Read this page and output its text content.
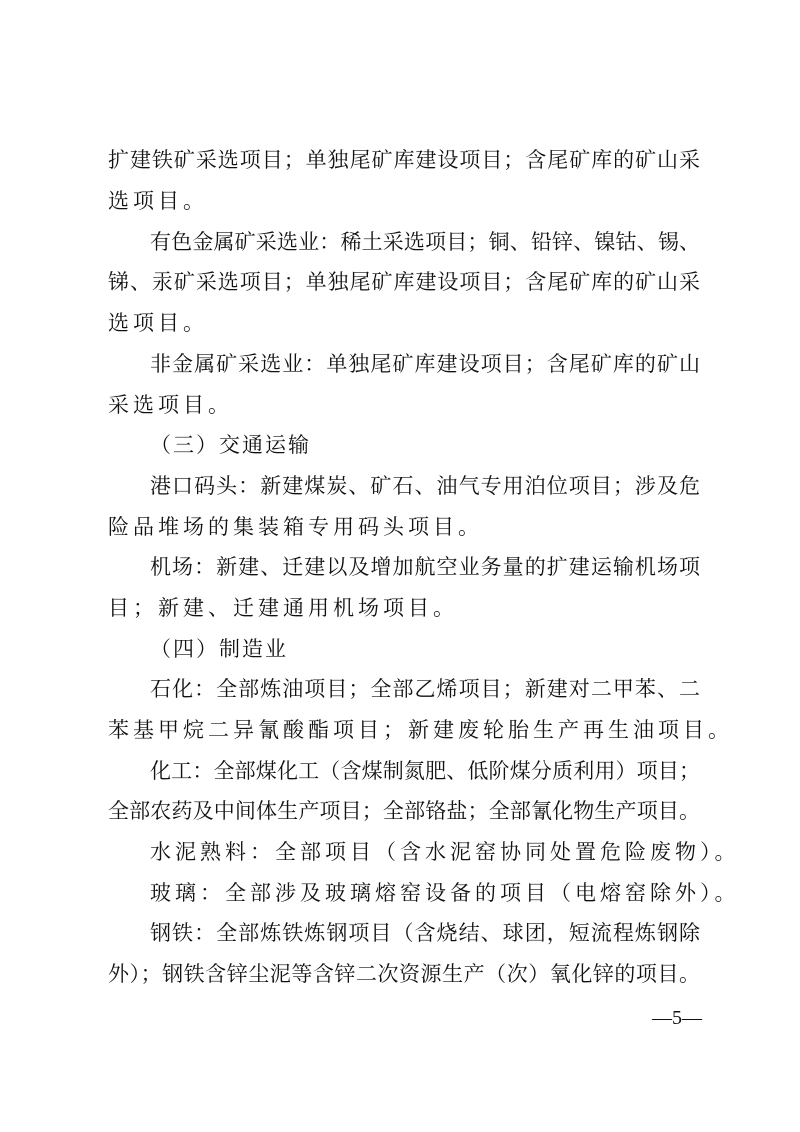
扩建铁矿采选项目；单独尾矿库建设项目；含尾矿库的矿山采
选项目。
有色金属矿采选业：稀土采选项目；铜、铅锌、镍钴、锡、
锑、汞矿采选项目；单独尾矿库建设项目；含尾矿库的矿山采
选项目。
非金属矿采选业：单独尾矿库建设项目；含尾矿库的矿山
采选项目。
（三）交通运输
港口码头：新建煤炭、矿石、油气专用泊位项目；涉及危
险品堆场的集装箱专用码头项目。
机场：新建、迁建以及增加航空业务量的扩建运输机场项
目；新建、迁建通用机场项目。
（四）制造业
石化：全部炼油项目；全部乙烯项目；新建对二甲苯、二
苯基甲烷二异氰酸酯项目；新建废轮胎生产再生油项目。
化工：全部煤化工（含煤制氮肥、低阶煤分质利用）项目；
全部农药及中间体生产项目；全部铬盐；全部氰化物生产项目。
水泥熟料：全部项目（含水泥窑协同处置危险废物）。
玻璃：全部涉及玻璃熔窑设备的项目（电熔窑除外）。
钢铁：全部炼铁炼钢项目（含烧结、球团，短流程炼钢除
外）；钢铁含锌尘泥等含锌二次资源生产（次）氧化锌的项目。
—5—
